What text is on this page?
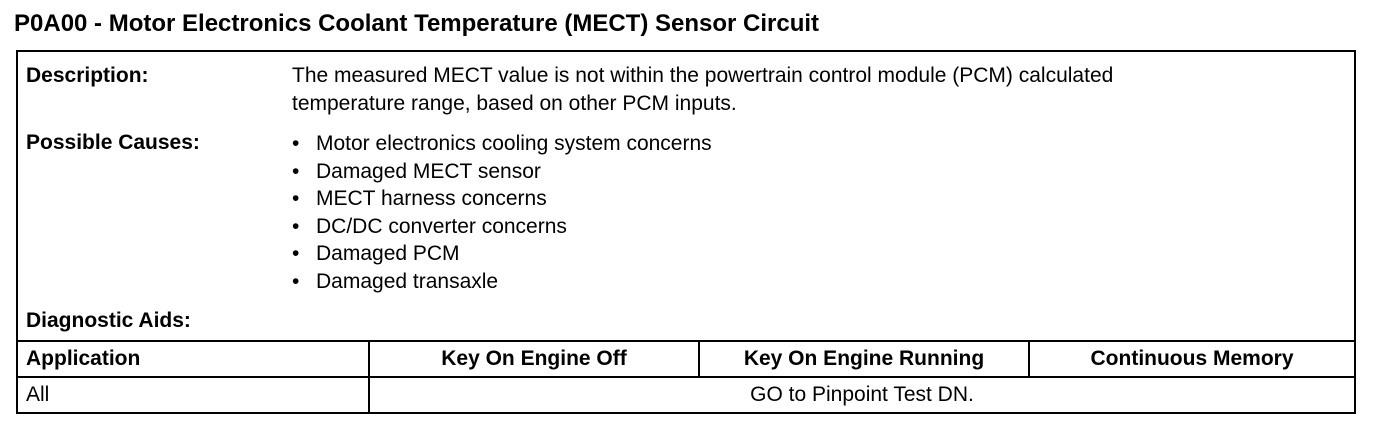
P0A00 - Motor Electronics Coolant Temperature (MECT) Sensor Circuit
Description:	The measured MECT value is not within the powertrain control module (PCM) calculated
temperature range, based on other PCM inputs.
Possible Causes:	• Motor electronics cooling system concerns
• Damaged MECT sensor
• MECT harness concerns
• DC/DC converter concerns
• Damaged PCM
• Damaged transaxle
Diagnostic Aids:
Application	Key On Engine Off	Key On Engine Running	Continuous Memory
All	GO to Pinpoint Test DN.
